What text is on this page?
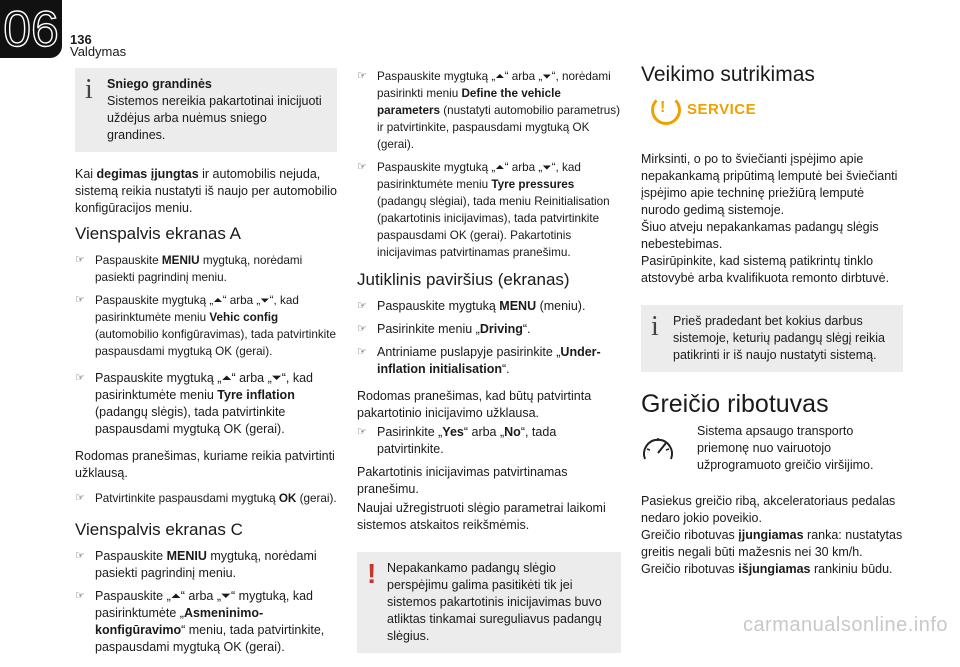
06 136
Valdymas
i Sniego grandinės
Sistemos nereikia pakartotinai inicijuoti uždėjus arba nuėmus sniego grandines.

Kai degimas įjungtas ir automobilis nejuda, sistemą reikia nustatyti iš naujo per automobilio konfigūracijos meniu.

Vienspalvis ekranas A
☞ Paspauskite MENIU mygtuką, norėdami pasiekti pagrindinį meniu.
☞ Paspauskite mygtuką „⏶“ arba „⏷“, kad pasirinktumėte meniu Vehic config (automobilio konfigūravimas), tada patvirtinkite paspausdami mygtuką OK (gerai).
☞ Paspauskite mygtuką „⏶“ arba „⏷“, kad pasirinktumėte meniu Tyre inflation (padangų slėgis), tada patvirtinkite paspausdami mygtuką OK (gerai).

Rodomas pranešimas, kuriame reikia patvirtinti užklausą.

☞ Patvirtinkite paspausdami mygtuką OK (gerai).
Vienspalvis ekranas C
☞ Paspauskite MENIU mygtuką, norėdami pasiekti pagrindinį meniu.
☞ Paspauskite „⏶“ arba „⏷“ mygtuką, kad pasirinktumėte „Asmeninimo-konfigūravimo“ meniu, tada patvirtinkite, paspausdami mygtuką OK (gerai).
☞ Paspauskite mygtuką „⏶“ arba „⏷“, norėdami pasirinkti meniu Define the vehicle parameters (nustatyti automobilio parametrus) ir patvirtinkite, paspausdami mygtuką OK (gerai).
☞ Paspauskite mygtuką „⏶“ arba „⏷“, kad pasirinktumėte meniu Tyre pressures (padangų slėgiai), tada meniu Reinitialisation (pakartotinis inicijavimas), tada patvirtinkite paspausdami OK (gerai). Pakartotinis inicijavimas patvirtinamas pranešimu.
Jutiklinis paviršius (ekranas)
☞ Paspauskite mygtuką MENU (meniu).
☞ Pasirinkite meniu „Driving“.
☞ Antriniame puslapyje pasirinkite „Under-inflation initialisation“.

Rodomas pranešimas, kad būtų patvirtinta pakartotinio inicijavimo užklausa.

☞ Pasirinkite „Yes“ arba „No“, tada patvirtinkite.

Pakartotinis inicijavimas patvirtinamas pranešimu.

Naujai užregistruoti slėgio parametrai laikomi sistemos atskaitos reikšmėmis.

! Nepakankamo padangų slėgio perspėjimu galima pasitikėti tik jei sistemos pakartotinis inicijavimas buvo atliktas tinkamai sureguliavus padangų slėgius.
Veikimo sutrikimas
! SERVICE

Mirksinti, o po to šviečianti įspėjimo apie nepakankamą pripūtimą lemputė bei šviečianti įspėjimo apie techninę priežiūrą lemputė nurodo gedimą sistemoje.

Šiuo atveju nepakankamas padangų slėgis nebestebimas.

Pasirūpinkite, kad sistemą patikrintų tinklo atstovybė arba kvalifikuota remonto dirbtuvė.

i Prieš pradedant bet kokius darbus sistemoje, keturių padangų slėgį reikia patikrinti ir iš naujo nustatyti sistemą.
Greičio ribotuvas
Sistema apsaugo transporto priemonę nuo vairuotojo užprogramuoto greičio viršijimo.

Pasiekus greičio ribą, akceleratoriaus pedalas nedaro jokio poveikio.

Greičio ribotuvas įjungiamas ranka: nustatytas greitis negali būti mažesnis nei 30 km/h.

Greičio ribotuvas išjungiamas rankiniu būdu.

carmanualsonline.info
